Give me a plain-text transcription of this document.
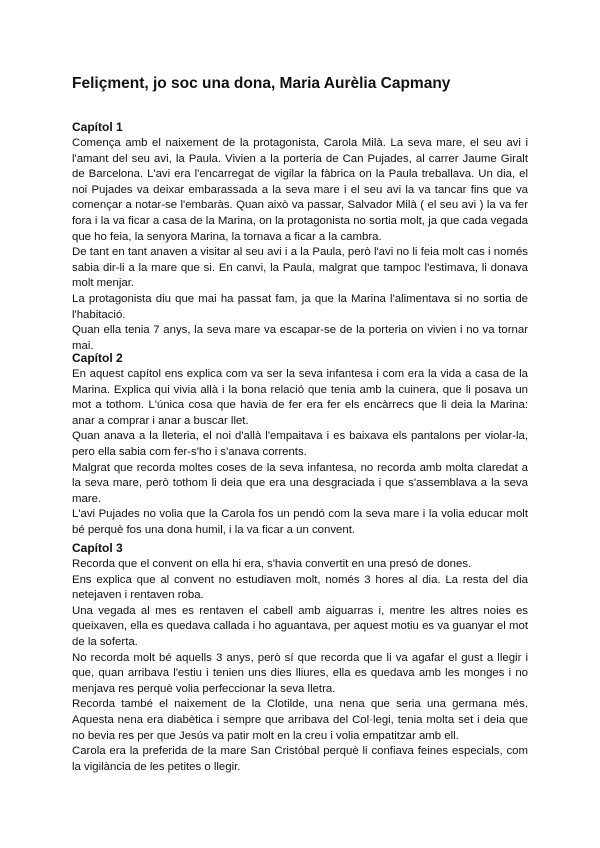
Feliçment, jo soc una dona, Maria Aurèlia Capmany
Capítol 1

Comença amb el naixement de la protagonista, Carola Milà. La seva mare, el seu avi i l'amant del seu avi, la Paula. Vivien a la porteria de Can Pujades, al carrer Jaume Giralt de Barcelona. L'avi era l'encarregat de vigilar la fàbrica on la Paula treballava. Un dia, el noi Pujades va deixar embarassada a la seva mare i el seu avi la va tancar fins que va començar a notar-se l'embaràs. Quan això va passar, Salvador Milà ( el seu avi ) la va fer fora i la va ficar a casa de la Marina, on la protagonista no sortia molt, ja que cada vegada que ho feia, la senyora Marina, la tornava a ficar a la cambra.

De tant en tant anaven a visitar al seu avi i a la Paula, però l'avi no li feia molt cas i només sabia dir-li a la mare que si. En canvi, la Paula, malgrat que tampoc l'estimava, li donava molt menjar.

La protagonista diu que mai ha passat fam, ja que la Marina l'alimentava si no sortia de l'habitació.

Quan ella tenia 7 anys, la seva mare va escapar-se de la porteria on vivien i no va tornar mai.

Capítol 2

En aquest capítol ens explica com va ser la seva infantesa i com era la vida a casa de la Marina. Explica qui vivia allà i la bona relació que tenia amb la cuinera, que li posava un mot a tothom. L'única cosa que havia de fer era fer els encàrrecs que li deia la Marina: anar a comprar i anar a buscar llet.

Quan anava a la lleteria, el noi d'allà l'empaitava i es baixava els pantalons per violar-la, pero ella sabia com fer-s'ho i s'anava corrents.

Malgrat que recorda moltes coses de la seva infantesa, no recorda amb molta claredat a la seva mare, però tothom li deia que era una desgraciada i que s'assemblava a la seva mare.

L'avi Pujades no volia que la Carola fos un pendó com la seva mare i la volia educar molt bé perquè fos una dona humil, i la va ficar a un convent.

Capítol 3

Recorda que el convent on ella hi era, s'havia convertit en una presó de dones.

Ens explica que al convent no estudiaven molt, només 3 hores al dia. La resta del dia netejaven i rentaven roba.

Una vegada al mes es rentaven el cabell amb aiguarras i, mentre les altres noies es queixaven, ella es quedava callada i ho aguantava, per aquest motiu es va guanyar el mot de la soferta.

No recorda molt bé aquells 3 anys, però sí que recorda que li va agafar el gust a llegir i que, quan arribava l'estiu i tenien uns dies lliures, ella es quedava amb les monges i no menjava res perquè volia perfeccionar la seva lletra.

Recorda també el naixement de la Clotilde, una nena que seria una germana més. Aquesta nena era diabètica i sempre que arribava del Col·legi, tenia molta set i deia que no bevia res per que Jesús va patir molt en la creu i volia empatitzar amb ell.

Carola era la preferida de la mare San Cristóbal perquè li confiava feines especials, com la vigilància de les petites o llegir.
